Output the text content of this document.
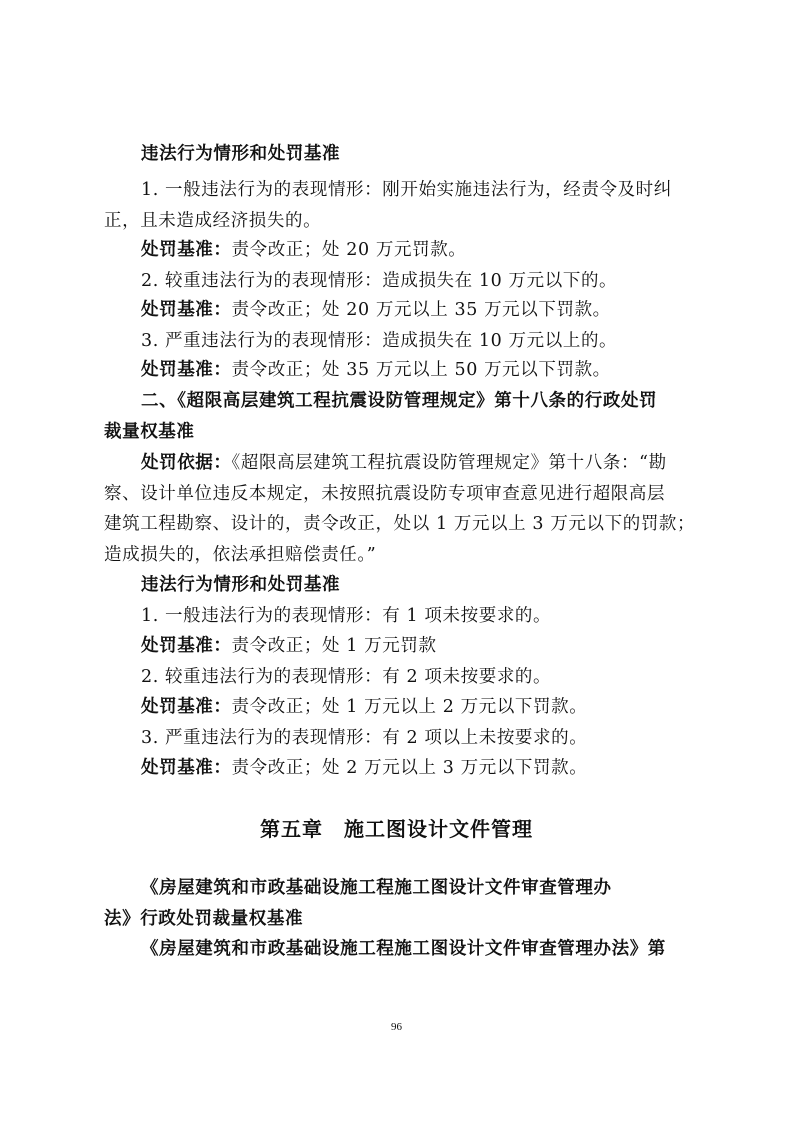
违法行为情形和处罚基准
1. 一般违法行为的表现情形：刚开始实施违法行为，经责令及时纠
正，且未造成经济损失的。
处罚基准：责令改正；处 20 万元罚款。
2. 较重违法行为的表现情形：造成损失在 10 万元以下的。
处罚基准：责令改正；处 20 万元以上 35 万元以下罚款。
3. 严重违法行为的表现情形：造成损失在 10 万元以上的。
处罚基准：责令改正；处 35 万元以上 50 万元以下罚款。
二、《超限高层建筑工程抗震设防管理规定》第十八条的行政处罚
裁量权基准
处罚依据：《超限高层建筑工程抗震设防管理规定》第十八条：“勘
察、设计单位违反本规定，未按照抗震设防专项审查意见进行超限高层
建筑工程勘察、设计的，责令改正，处以 1 万元以上 3 万元以下的罚款；
造成损失的，依法承担赔偿责任。”
违法行为情形和处罚基准
1. 一般违法行为的表现情形：有 1 项未按要求的。
处罚基准：责令改正；处 1 万元罚款
2. 较重违法行为的表现情形：有 2 项未按要求的。
处罚基准：责令改正；处 1 万元以上 2 万元以下罚款。
3. 严重违法行为的表现情形：有 2 项以上未按要求的。
处罚基准：责令改正；处 2 万元以上 3 万元以下罚款。
第五章　施工图设计文件管理
《房屋建筑和市政基础设施工程施工图设计文件审查管理办
法》行政处罚裁量权基准
《房屋建筑和市政基础设施工程施工图设计文件审查管理办法》第
96
